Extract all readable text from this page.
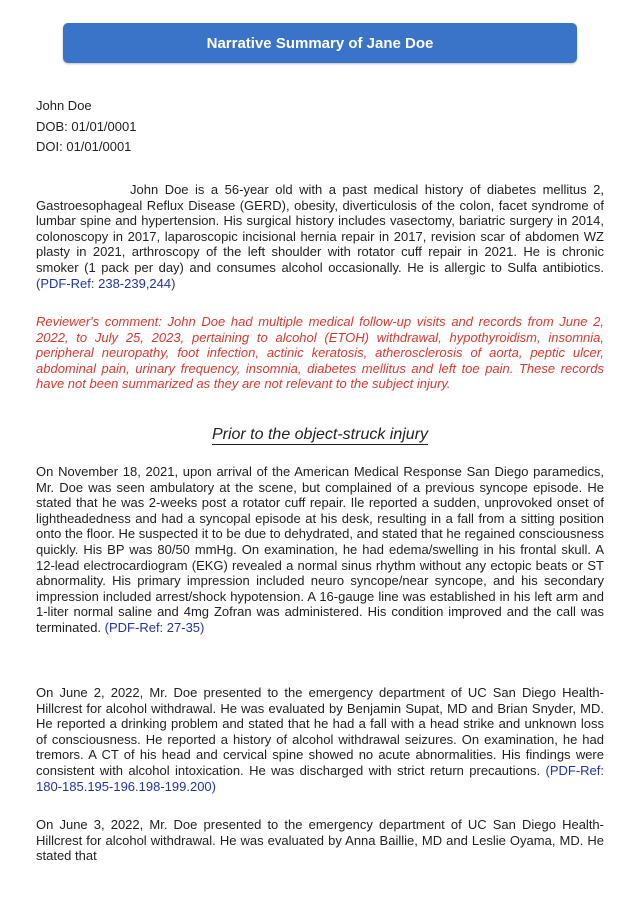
Narrative Summary of Jane Doe
John Doe
DOB: 01/01/0001
DOI: 01/01/0001

John Doe is a 56-year old with a past medical history of diabetes mellitus 2, Gastroesophageal Reflux Disease (GERD), obesity, diverticulosis of the colon, facet syndrome of lumbar spine and hypertension. His surgical history includes vasectomy, bariatric surgery in 2014, colonoscopy in 2017, laparoscopic incisional hernia repair in 2017, revision scar of abdomen WZ plasty in 2021, arthroscopy of the left shoulder with rotator cuff repair in 2021. He is chronic smoker (1 pack per day) and consumes alcohol occasionally. He is allergic to Sulfa antibiotics. (PDF-Ref: 238-239,244)

Reviewer's comment: John Doe had multiple medical follow-up visits and records from June 2, 2022, to July 25, 2023, pertaining to alcohol (ETOH) withdrawal, hypothyroidism, insomnia, peripheral neuropathy, foot infection, actinic keratosis, atherosclerosis of aorta, peptic ulcer, abdominal pain, urinary frequency, insomnia, diabetes mellitus and left toe pain. These records have not been summarized as they are not relevant to the subject injury.

Prior to the object-struck injury

On November 18, 2021, upon arrival of the American Medical Response San Diego paramedics, Mr. Doe was seen ambulatory at the scene, but complained of a previous syncope episode. He stated that he was 2-weeks post a rotator cuff repair. Ile reported a sudden, unprovoked onset of lightheadedness and had a syncopal episode at his desk, resulting in a fall from a sitting position onto the floor. He suspected it to be due to dehydrated, and stated that he regained consciousness quickly. His BP was 80/50 mmHg. On examination, he had edema/swelling in his frontal skull. A 12-lead electrocardiogram (EKG) revealed a normal sinus rhythm without any ectopic beats or ST abnormality. His primary impression included neuro syncope/near syncope, and his secondary impression included arrest/shock hypotension. A 16-gauge line was established in his left arm and 1-liter normal saline and 4mg Zofran was administered. His condition improved and the call was terminated. (PDF-Ref: 27-35)

On June 2, 2022, Mr. Doe presented to the emergency department of UC San Diego Health-Hillcrest for alcohol withdrawal. He was evaluated by Benjamin Supat, MD and Brian Snyder, MD. He reported a drinking problem and stated that he had a fall with a head strike and unknown loss of consciousness. He reported a history of alcohol withdrawal seizures. On examination, he had tremors. A CT of his head and cervical spine showed no acute abnormalities. His findings were consistent with alcohol intoxication. He was discharged with strict return precautions. (PDF-Ref: 180-185.195-196.198-199.200)

On June 3, 2022, Mr. Doe presented to the emergency department of UC San Diego Health-Hillcrest for alcohol withdrawal. He was evaluated by Anna Baillie, MD and Leslie Oyama, MD. He stated that
